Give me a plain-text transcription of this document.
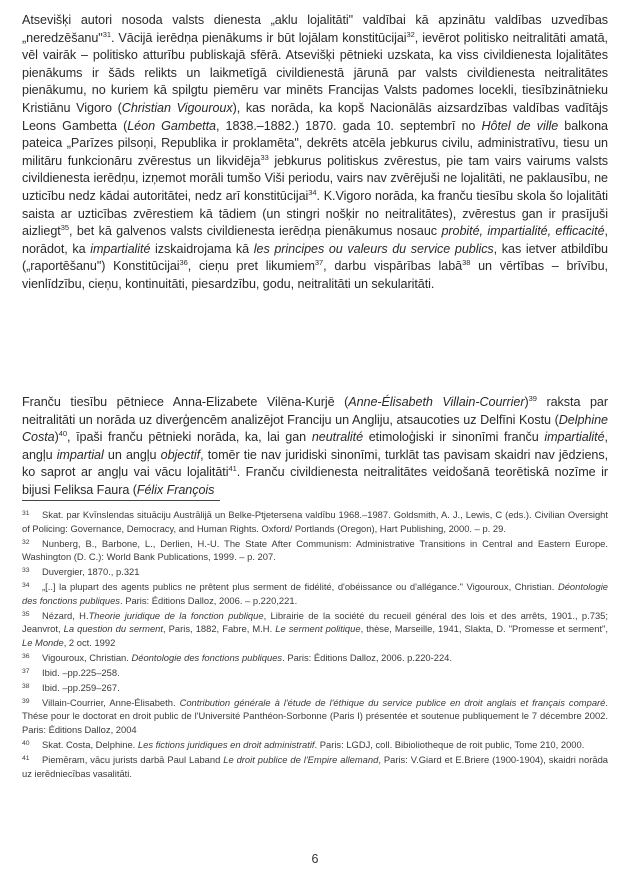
Atsevišķi autori nosoda valsts dienesta „aklu lojalitāti" valdībai kā apzinātu valdības uzvedības „neredzēšanu"$^{31}$. Vācijā ierēdņa pienākums ir būt lojālam konstitūcijai$^{32}$, ievērot politisko neitralitāti amatā, vēl vairāk – politisko atturību publiskajā sfērā. Atsevišķi pētnieki uzskata, ka viss civildienesta lojalitātes pienākums ir šāds relikts un laikmetīgā civildienestā jārunā par valsts civildienesta neitralitātes pienākumu, no kuriem kā spilgtu piemēru var minēts Francijas Valsts padomes locekli, tiesībzinātnieku Kristiānu Vigoro (Christian Vigouroux), kas norāda, ka kopš Nacionālās aizsardzības valdības vadītājs Leons Gambetta (Léon Gambetta, 1838.–1882.) 1870. gada 10. septembrī no Hôtel de ville balkona pateica „Parīzes pilsoņi, Republika ir proklamēta", dekrēts atcēla jebkurus civilu, administratīvu, tiesu un militāru funkcionāru zvērestus un likvidēja$^{33}$ jebkurus politiskus zvērestus, pie tam vairs vairums valsts civildienesta ierēdņu, izņemot morāli tumšo Viši periodu, vairs nav zvērējuši ne lojalitāti, ne paklausību, ne uzticību nedz kādai autoritātei, nedz arī konstitūcijai$^{34}$. K.Vigoro norāda, ka franču tiesību skola šo lojalitāti saista ar uzticības zvērestiem kā tādiem (un stingri nošķir no neitralitātes), zvērestus gan ir prasījuši aizliegt$^{35}$, bet kā galvenos valsts civildienesta ierēdņa pienākumus nosauc probité, impartialité, efficacité, norādot, ka impartialité izskaidrojama kā les principes ou valeurs du service publics, kas ietver atbildību („raportēšanu") Konstitūcijai$^{36}$, cieņu pret likumiem$^{37}$, darbu vispārības labā$^{38}$ un vērtības – brīvību, vienlīdzību, cieņu, kontinuitāti, piesardzību, godu, neitralitāti un sekularitāti.
Franču tiesību pētniece Anna-Elizabete Vilēna-Kurjē (Anne-Élisabeth Villain-Courrier)$^{39}$ raksta par neitralitāti un norāda uz diverģencēm analizējot Franciju un Angliju, atsaucoties uz Delfīni Kostu (Delphine Costa)$^{40}$, īpaši franču pētnieki norāda, ka, lai gan neutralité etimoloģiski ir sinonīmi franču impartialité, angļu impartial un angļu objectif, tomēr tie nav juridiski sinonīmi, turklāt tas pavisam skaidri nav jēdziens, ko saprot ar angļu vai vācu lojalitāti$^{41}$. Franču civildienesta neitralitātes veidošanā teorētiskā nozīme ir bijusi Feliksa Faura (Félix François
31 Skat. par Kvīnslendas situāciju Austrālijā un Belke-Ptjetersena valdību 1968.–1987. Goldsmith, A. J., Lewis, C (eds.). Civilian Oversight of Policing: Governance, Democracy, and Human Rights. Oxford/ Portlands (Oregon), Hart Publishing, 2000. – p. 29.
32 Nunberg, B., Barbone, L., Derlien, H.-U. The State After Communism: Administrative Transitions in Central and Eastern Europe. Washington (D. C.): World Bank Publications, 1999. – p. 207.
33 Duvergier, 1870., p.321
34 „[..] la plupart des agents publics ne prêtent plus serment de fidélité, d'obéissance ou d'allégance." Vigouroux, Christian. Déontologie des fonctions publiques. Paris: Éditions Dalloz, 2006. – p.220,221.
35 Nézard, H.Theorie juridique de la fonction publique, Librairie de la société du recueil général des lois et des arrêts, 1901., p.735; Jeanvrot, La question du serment, Paris, 1882, Fabre, M.H. Le serment politique, thèse, Marseille, 1941, Slakta, D. "Promesse et serment", Le Monde, 2 oct. 1992
36 Vigouroux, Christian. Déontologie des fonctions publiques. Paris: Éditions Dalloz, 2006. p.220-224.
37 Ibid. –pp.225–258.
38 Ibid. –pp.259–267.
39 Villain-Courrier, Anne-Élisabeth. Contribution générale à l'étude de l'éthique du service publice en droit anglais et français comparé. Thése pour le doctorat en droit public de l'Université Panthéon-Sorbonne (Paris I) présentée et soutenue publiquement le 7 décembre 2002. Paris: Éditions Dalloz, 2004
40 Skat. Costa, Delphine. Les fictions juridiques en droit administratif. Paris: LGDJ, coll. Bibioliotheque de roit public, Tome 210, 2000.
41 Piemēram, vācu jurists darbā Paul Laband Le droit publice de l'Empire allemand, Paris: V.Giard et E.Briere (1900-1904), skaidri norāda uz ierēdniecības vasalitāti.
6
